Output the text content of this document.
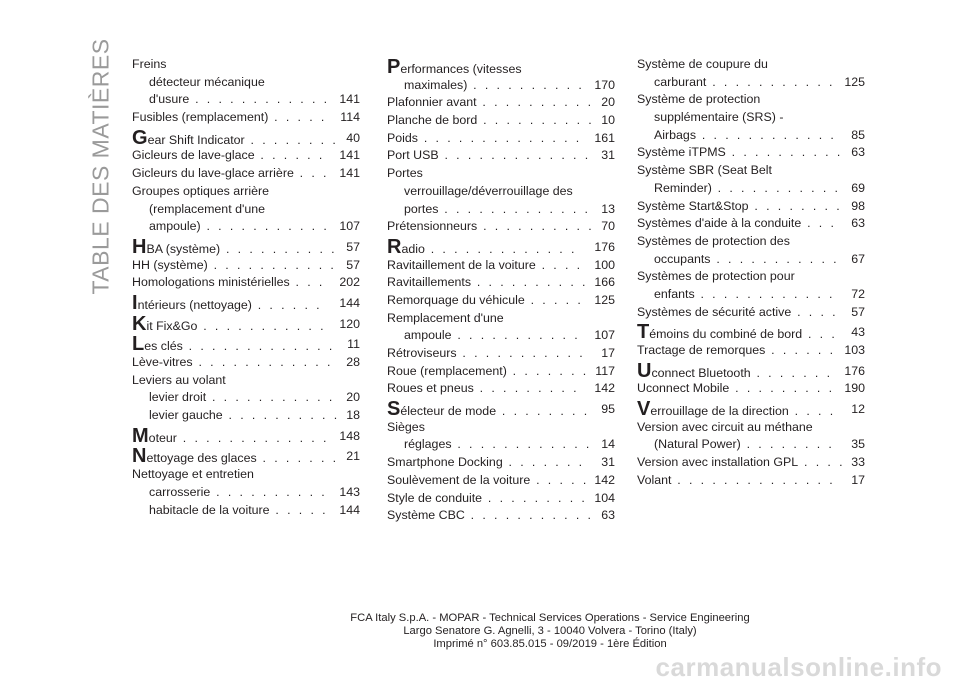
TABLE DES MATIÈRES Freins
détecteur mécanique
d'usure . . . . . . . . . . . . 141
Fusibles (remplacement) . . . . . 114
Gear Shift Indicator . . . . . . . . 40
Gicleurs de lave-glace . . . . . . 141
Gicleurs du lave-glace arrière . . . 141
Groupes optiques arrière
(remplacement d'une
ampoule) . . . . . . . . . . . 107
HBA (système) . . . . . . . . . . 57
HH (système) . . . . . . . . . . . 57
Homologations ministérielles . . . 202
Intérieurs (nettoyage) . . . . . . 144
Kit Fix&Go . . . . . . . . . . . 120
Les clés . . . . . . . . . . . . . 11
Lève-vitres . . . . . . . . . . . . 28
Leviers au volant
levier droit . . . . . . . . . . . 20
levier gauche . . . . . . . . . . 18
Moteur . . . . . . . . . . . . . 148
Nettoyage des glaces . . . . . . . 21
Nettoyage et entretien
carrosserie . . . . . . . . . . 143
habitacle de la voiture . . . . . 144
Performances (vitesses
maximales) . . . . . . . . . . 170
Plafonnier avant . . . . . . . . . . 20
Planche de bord . . . . . . . . . . 10
Poids . . . . . . . . . . . . . . 161
Port USB . . . . . . . . . . . . . 31
Portes
verrouillage/déverrouillage des
portes . . . . . . . . . . . . . 13
Prétensionneurs . . . . . . . . . . 70
Radio . . . . . . . . . . . . . 176
Ravitaillement de la voiture . . . . 100
Ravitaillements . . . . . . . . . . 166
Remorquage du véhicule . . . . . 125
Remplacement d'une
ampoule . . . . . . . . . . . 107
Rétroviseurs . . . . . . . . . . . 17
Roue (remplacement) . . . . . . . 117
Roues et pneus . . . . . . . . . 142
Sélecteur de mode . . . . . . . . 95
Sièges
réglages . . . . . . . . . . . . 14
Smartphone Docking . . . . . . . 31
Soulèvement de la voiture . . . . . 142
Style de conduite . . . . . . . . . 104
Système CBC . . . . . . . . . . . 63
Système de coupure du
carburant . . . . . . . . . . . 125
Système de protection
supplémentaire (SRS) -
Airbags . . . . . . . . . . . . 85
Système iTPMS . . . . . . . . . . 63
Système SBR (Seat Belt
Reminder) . . . . . . . . . . . 69
Système Start&Stop . . . . . . . . 98
Systèmes d'aide à la conduite . . . 63
Systèmes de protection des
occupants . . . . . . . . . . . 67
Systèmes de protection pour
enfants . . . . . . . . . . . . 72
Systèmes de sécurité active . . . . 57
Témoins du combiné de bord . . . 43
Tractage de remorques . . . . . . 103
Uconnect Bluetooth . . . . . . . 176
Uconnect Mobile . . . . . . . . . 190
Verrouillage de la direction . . . . 12
Version avec circuit au méthane
(Natural Power) . . . . . . . . 35
Version avec installation GPL . . . . 33
Volant . . . . . . . . . . . . . . 17
FCA Italy S.p.A. - MOPAR - Technical Services Operations - Service Engineering
Largo Senatore G. Agnelli, 3 - 10040 Volvera - Torino (Italy)
Imprimé n° 603.85.015 - 09/2019 - 1ère Édition
carmanualsonline.info
